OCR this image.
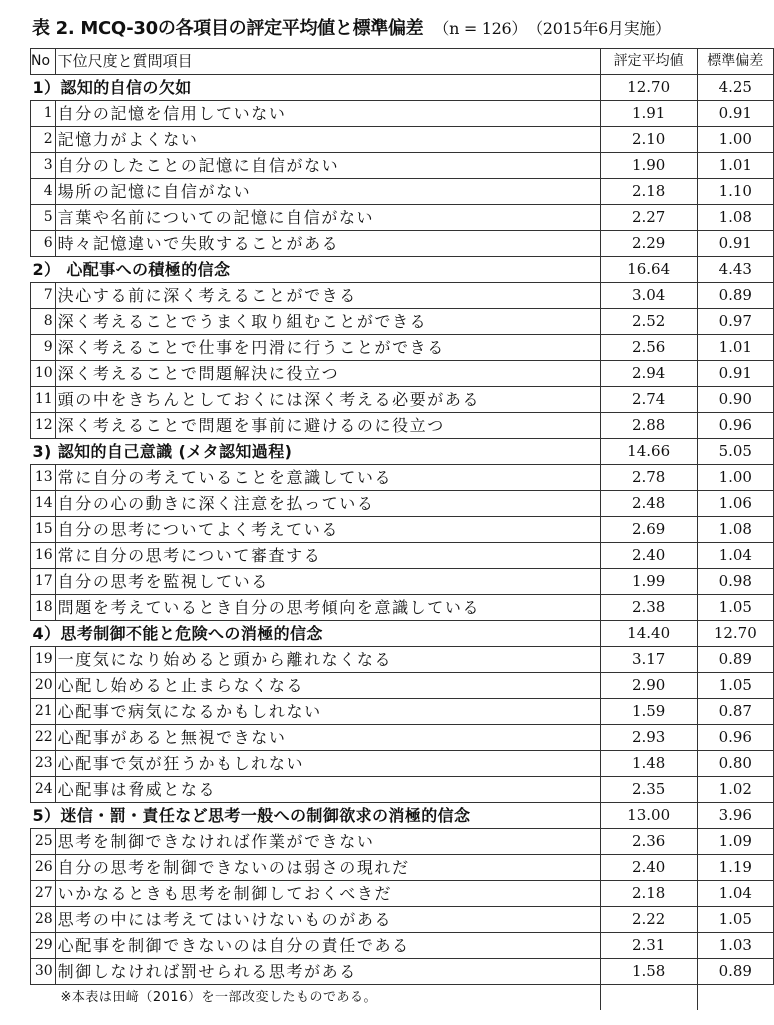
表 2. MCQ-30の各項目の評定平均値と標準偏差 （n = 126） （2015年6月実施）
No	下位尺度と質問項目	評定平均値	標準偏差
1）認知的自信の欠如		12.70	4.25
1	自分の記憶を信用していない	1.91	0.91
2	記憶力がよくない	2.10	1.00
3	自分のしたことの記憶に自信がない	1.90	1.01
4	場所の記憶に自信がない	2.18	1.10
5	言葉や名前についての記憶に自信がない	2.27	1.08
6	時々記憶違いで失敗することがある	2.29	0.91
2） 心配事への積極的信念		16.64	4.43
7	決心する前に深く考えることができる	3.04	0.89
8	深く考えることでうまく取り組むことができる	2.52	0.97
9	深く考えることで仕事を円滑に行うことができる	2.56	1.01
10	深く考えることで問題解決に役立つ	2.94	0.91
11	頭の中をきちんとしておくには深く考える必要がある	2.74	0.90
12	深く考えることで問題を事前に避けるのに役立つ	2.88	0.96
3) 認知的自己意識 (メタ認知過程)		14.66	5.05
13	常に自分の考えていることを意識している	2.78	1.00
14	自分の心の動きに深く注意を払っている	2.48	1.06
15	自分の思考についてよく考えている	2.69	1.08
16	常に自分の思考について審査する	2.40	1.04
17	自分の思考を監視している	1.99	0.98
18	問題を考えているとき自分の思考傾向を意識している	2.38	1.05
4）思考制御不能と危険への消極的信念		14.40	12.70
19	一度気になり始めると頭から離れなくなる	3.17	0.89
20	心配し始めると止まらなくなる	2.90	1.05
21	心配事で病気になるかもしれない	1.59	0.87
22	心配事があると無視できない	2.93	0.96
23	心配事で気が狂うかもしれない	1.48	0.80
24	心配事は脅威となる	2.35	1.02
5）迷信・罰・責任など思考一般への制御欲求の消極的信念		13.00	3.96
25	思考を制御できなければ作業ができない	2.36	1.09
26	自分の思考を制御できないのは弱さの現れだ	2.40	1.19
27	いかなるときも思考を制御しておくべきだ	2.18	1.04
28	思考の中には考えてはいけないものがある	2.22	1.05
29	心配事を制御できないのは自分の責任である	2.31	1.03
30	制御しなければ罰せられる思考がある	1.58	0.89
※本表は田﨑（2016）を一部改変したものである。			
